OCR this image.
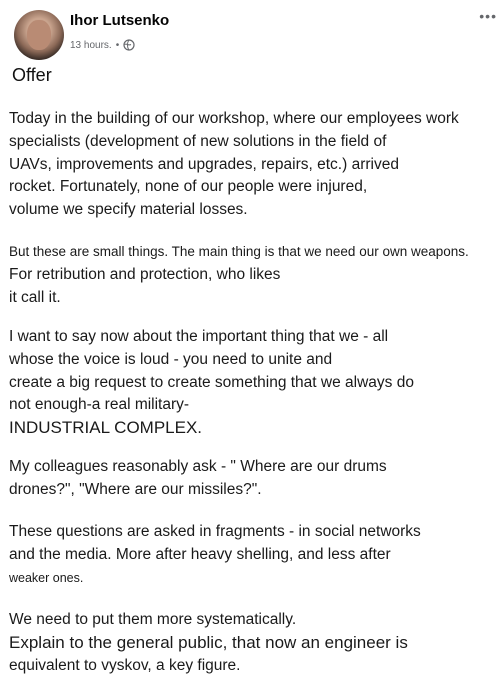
Ihor Lutsenko
13 hours. •
•••
Offer
Today in the building of our workshop, where our employees work
specialists (development of new solutions in the field of
UAVs, improvements and upgrades, repairs, etc.) arrived
rocket. Fortunately, none of our people were injured,
volume we specify material losses.
But these are small things. The main thing is that we need our own weapons.
For retribution and protection, who likes
it call it.
I want to say now about the important thing that we - all
whose the voice is loud - you need to unite and
create a big request to create something that we always do
not enough-a real military-
INDUSTRIAL COMPLEX.
My colleagues reasonably ask - " Where are our drums
drones?", "Where are our missiles?".
These questions are asked in fragments - in social networks
and the media. More after heavy shelling, and less after
weaker ones.
We need to put them more systematically.
Explain to the general public, that now an engineer is
equivalent to vyskov, a key figure.
